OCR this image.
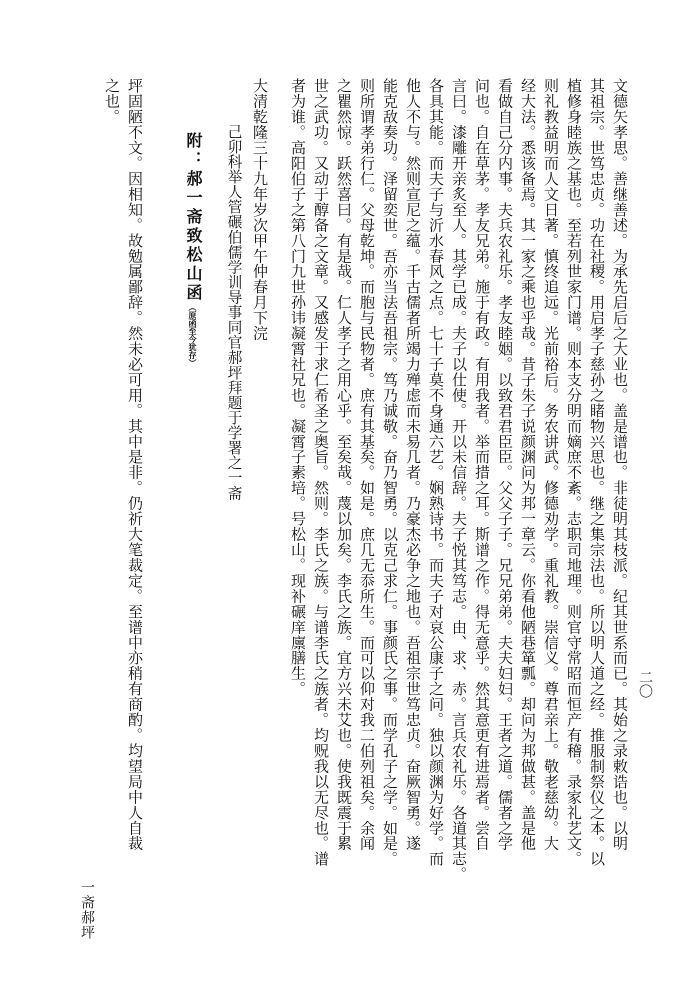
二〇
文德矢孝思。善继善述。为承先启后之大业也。盖是谱也。非徒明其枝派。纪其世系而已。其始之录敕诰也。以明
其祖宗。世笃忠贞。功在社稷。用启孝子慈孙之睹物兴思也。继之集宗法也。所以明人道之经。推服制祭仪之本。以
植修身睦族之基也。至若列世家门谱。则本支分明而嫡庶不紊。志职司地理。则官守常昭而恒产有稽。录家礼艺文。
则礼教益明而人文日著。慎终追远。光前裕后。务农讲武。修德劝学。重礼教。崇信义。尊君亲上。敬老慈幼。大
经大法。悉该备焉。其一家之乘也乎哉。昔子朱子说颜渊问为邦一章云。你看他陋巷箪瓢。却问为邦做甚。盖是他
看做自己分内事。夫兵农礼乐。孝友睦姻。以致君君臣臣。父父子子。兄兄弟弟。夫夫妇妇。王者之道。儒者之学
问也。自在草茅。孝友兄弟。施于有政。有用我者。举而措之耳。斯谱之作。得无意乎。然其意更有进焉者。尝自
言曰。漆雕开亲炙至人。其学已成。夫子以仕使。开以未信辞。夫子悦其笃志。由、求、赤。言兵农礼乐。各道其志。
各具其能。而夫子与沂水春风之点。七十子莫不身通六艺。娴熟诗书。而夫子对哀公康子之问。独以颜渊为好学。而
他人不与。然则宣尼之蕴。千古儒者所竭力殚虑而未易几者。乃豪杰必争之地也。吾祖宗世笃忠贞。奋厥智勇。遂
能克敌奏功。泽留奕世。吾亦当法吾祖宗。笃乃诚敬。奋乃智勇。以克己求仁。事颜氏之事。而学孔子之学。如是。
则所谓孝弟行仁。父母乾坤。而胞与民物者。庶有其基矣。如是。庶几无忝所生。而可以仰对我二伯列祖矣。余闻
之瞿然惊。跃然喜曰。有是哉。仁人孝子之用心乎。至矣哉。蔑以加矣。李氏之族。宜方兴未艾也。使我既震于累
世之武功。又动于醇备之文章。又感发于求仁希圣之奥旨。然则。李氏之族。与谱李氏之族者。均贶我以无尽也。谱
者为谁。高阳伯子之第八门九世孙讳凝霄社兄也。凝霄子素培。号松山。现补碾庠廪膳生。
大清乾隆三十九年岁次甲午仲春月下浣
己卯科举人管碾伯儒学训导事同官郝坪拜题于学署之一斋
附：郝一斋致松山函（原函至今犹存）
坪固陋不文。因相知。故勉属鄙辞。然未必可用。其中是非。仍祈大笔裁定。至谱中亦稍有商酌。均望局中人自裁
之也。
一斋郝坪
